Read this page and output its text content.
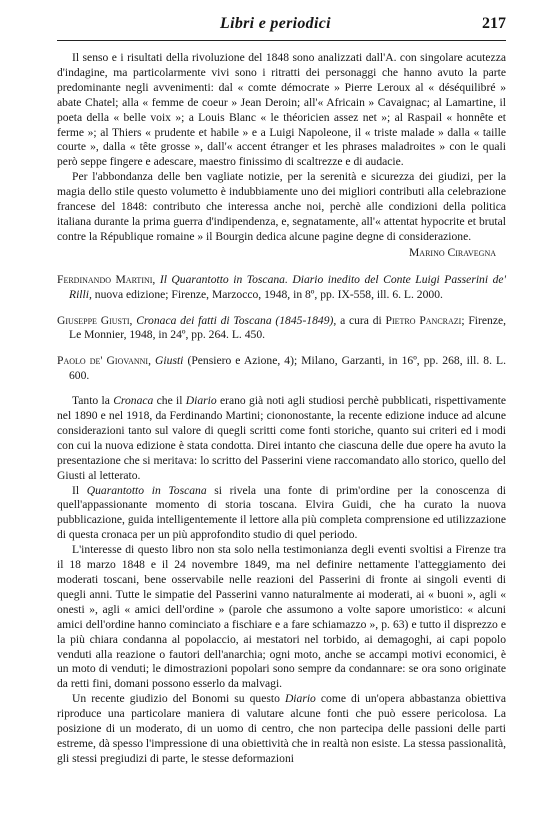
Libri e periodici	217

Il senso e i risultati della rivoluzione del 1848 sono analizzati dall'A. con singolare acutezza d'indagine, ma particolarmente vivi sono i ritratti dei personaggi che hanno avuto la parte predominante negli avvenimenti: dal « comte démocrate » Pierre Leroux al « déséquilibré » abate Chatel; alla « femme de coeur » Jean Deroin; all'« Africain » Cavaignac; al Lamartine, il poeta della « belle voix »; a Louis Blanc « le théoricien assez net »; al Raspail « honnête et ferme »; al Thiers « prudente et habile » e a Luigi Napoleone, il « triste malade » dalla « taille courte », dalla « tête grosse », dall'« accent étranger et les phrases maladroites » con le quali però seppe fingere e adescare, maestro finissimo di scaltrezze e di audacie.

Per l'abbondanza delle ben vagliate notizie, per la serenità e sicurezza dei giudizi, per la magia dello stile questo volumetto è indubbiamente uno dei migliori contributi alla celebrazione francese del 1848: contributo che interessa anche noi, perchè alle condizioni della politica italiana durante la prima guerra d'indipendenza, e, segnatamente, all'« attentat hypocrite et brutal contre la République romaine » il Bourgin dedica alcune pagine degne di considerazione.

Marino Ciravegna

Ferdinando Martini, Il Quarantotto in Toscana. Diario inedito del Conte Luigi Passerini de' Rilli, nuova edizione; Firenze, Marzocco, 1948, in 8º, pp. IX-558, ill. 6. L. 2000.

Giuseppe Giusti, Cronaca dei fatti di Toscana (1845-1849), a cura di Pietro Pancrazi; Firenze, Le Monnier, 1948, in 24º, pp. 264. L. 450.

Paolo de' Giovanni, Giusti (Pensiero e Azione, 4); Milano, Garzanti, in 16º, pp. 268, ill. 8. L. 600.

Tanto la Cronaca che il Diario erano già noti agli studiosi perchè pubblicati, rispettivamente nel 1890 e nel 1918, da Ferdinando Martini; ciononostante, la recente edizione induce ad alcune considerazioni tanto sul valore di quegli scritti come fonti storiche, quanto sui criteri ed i modi con cui la nuova edizione è stata condotta. Direi intanto che ciascuna delle due opere ha avuto la presentazione che si meritava: lo scritto del Passerini viene raccomandato allo storico, quello del Giusti al letterato.

Il Quarantotto in Toscana si rivela una fonte di prim'ordine per la conoscenza di quell'appassionante momento di storia toscana. Elvira Guidi, che ha curato la nuova pubblicazione, guida intelligentemente il lettore alla più completa comprensione ed utilizzazione di questa cronaca per un più approfondito studio di quel periodo.

L'interesse di questo libro non sta solo nella testimonianza degli eventi svoltisi a Firenze tra il 18 marzo 1848 e il 24 novembre 1849, ma nel definire nettamente l'atteggiamento dei moderati toscani, bene osservabile nelle reazioni del Passerini di fronte ai singoli eventi di quegli anni. Tutte le simpatie del Passerini vanno naturalmente ai moderati, ai « buoni », agli « onesti », agli « amici dell'ordine » (parole che assumono a volte sapore umoristico: « alcuni amici dell'ordine hanno cominciato a fischiare e a fare schiamazzo », p. 63) e tutto il disprezzo e la più chiara condanna al popolaccio, ai mestatori nel torbido, ai demagoghi, ai capi popolo venduti alla reazione o fautori dell'anarchia; ogni moto, anche se accampi motivi economici, è un moto di venduti; le dimostrazioni popolari sono sempre da condannare: se ora sono originate da retti fini, domani possono esserlo da malvagi.

Un recente giudizio del Bonomi su questo Diario come di un'opera abbastanza obiettiva riproduce una particolare maniera di valutare alcune fonti che può essere pericolosa. La posizione di un moderato, di un uomo di centro, che non partecipa delle passioni delle parti estreme, dà spesso l'impressione di una obiettività che in realtà non esiste. La stessa passionalità, gli stessi pregiudizi di parte, le stesse deformazioni
